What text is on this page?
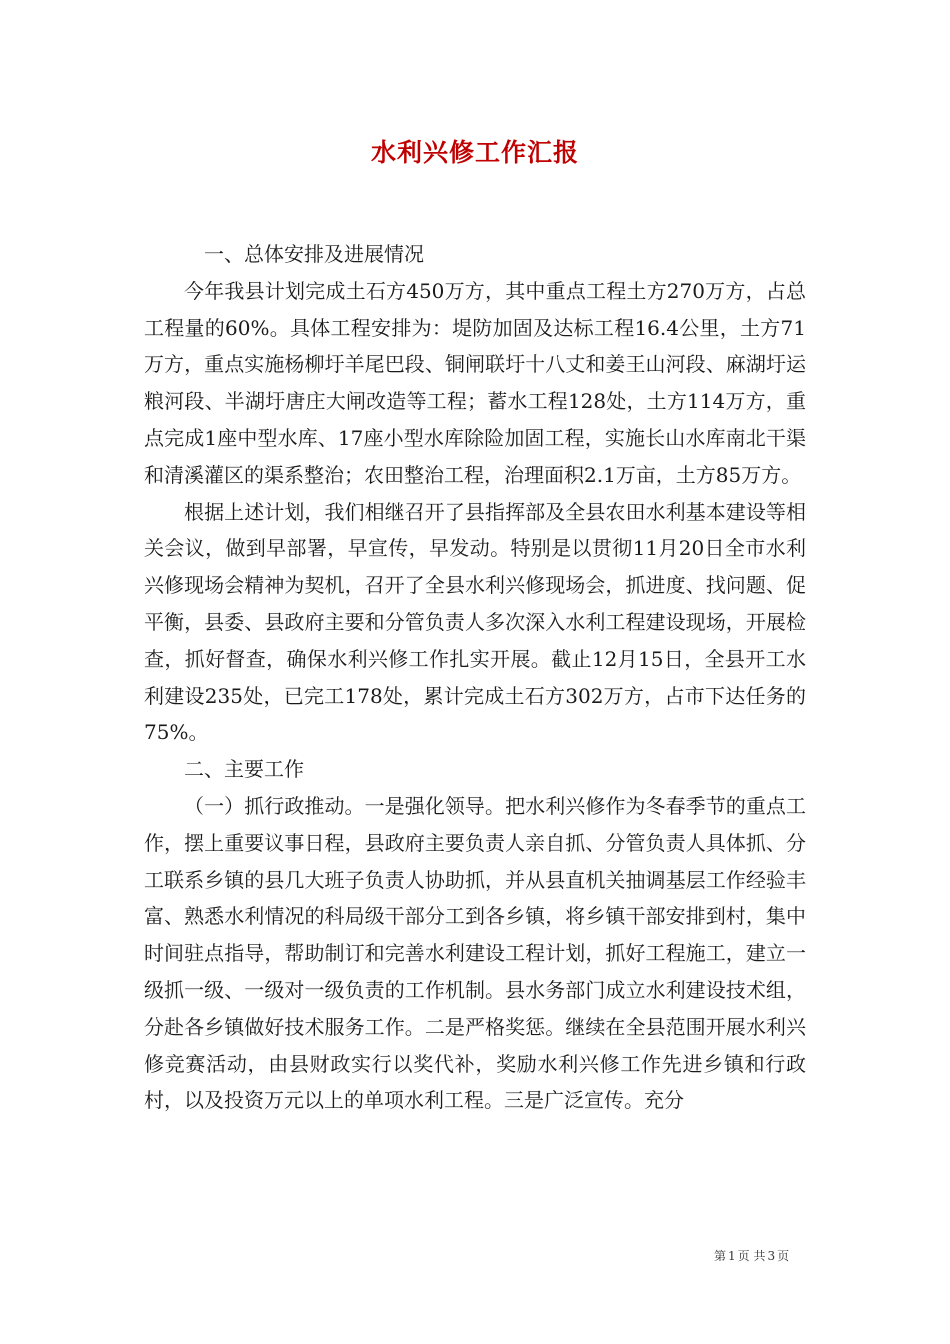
水利兴修工作汇报

一、总体安排及进展情况

今年我县计划完成土石方450万方，其中重点工程土方270万方，占总工程量的60%。具体工程安排为：堤防加固及达标工程16.4公里，土方71万方，重点实施杨柳圩羊尾巴段、铜闸联圩十八丈和姜王山河段、麻湖圩运粮河段、半湖圩唐庄大闸改造等工程；蓄水工程128处，土方114万方，重点完成1座中型水库、17座小型水库除险加固工程，实施长山水库南北干渠和清溪灌区的渠系整治；农田整治工程，治理面积2.1万亩，土方85万方。

根据上述计划，我们相继召开了县指挥部及全县农田水利基本建设等相关会议，做到早部署，早宣传，早发动。特别是以贯彻11月20日全市水利兴修现场会精神为契机，召开了全县水利兴修现场会，抓进度、找问题、促平衡，县委、县政府主要和分管负责人多次深入水利工程建设现场，开展检查，抓好督查，确保水利兴修工作扎实开展。截止12月15日，全县开工水利建设235处，已完工178处，累计完成土石方302万方，占市下达任务的75%。

二、主要工作

（一）抓行政推动。一是强化领导。把水利兴修作为冬春季节的重点工作，摆上重要议事日程，县政府主要负责人亲自抓、分管负责人具体抓、分工联系乡镇的县几大班子负责人协助抓，并从县直机关抽调基层工作经验丰富、熟悉水利情况的科局级干部分工到各乡镇，将乡镇干部安排到村，集中时间驻点指导，帮助制订和完善水利建设工程计划，抓好工程施工，建立一级抓一级、一级对一级负责的工作机制。县水务部门成立水利建设技术组，分赴各乡镇做好技术服务工作。二是严格奖惩。继续在全县范围开展水利兴修竞赛活动，由县财政实行以奖代补，奖励水利兴修工作先进乡镇和行政村，以及投资万元以上的单项水利工程。三是广泛宣传。充分

第 1 页 共 3 页
